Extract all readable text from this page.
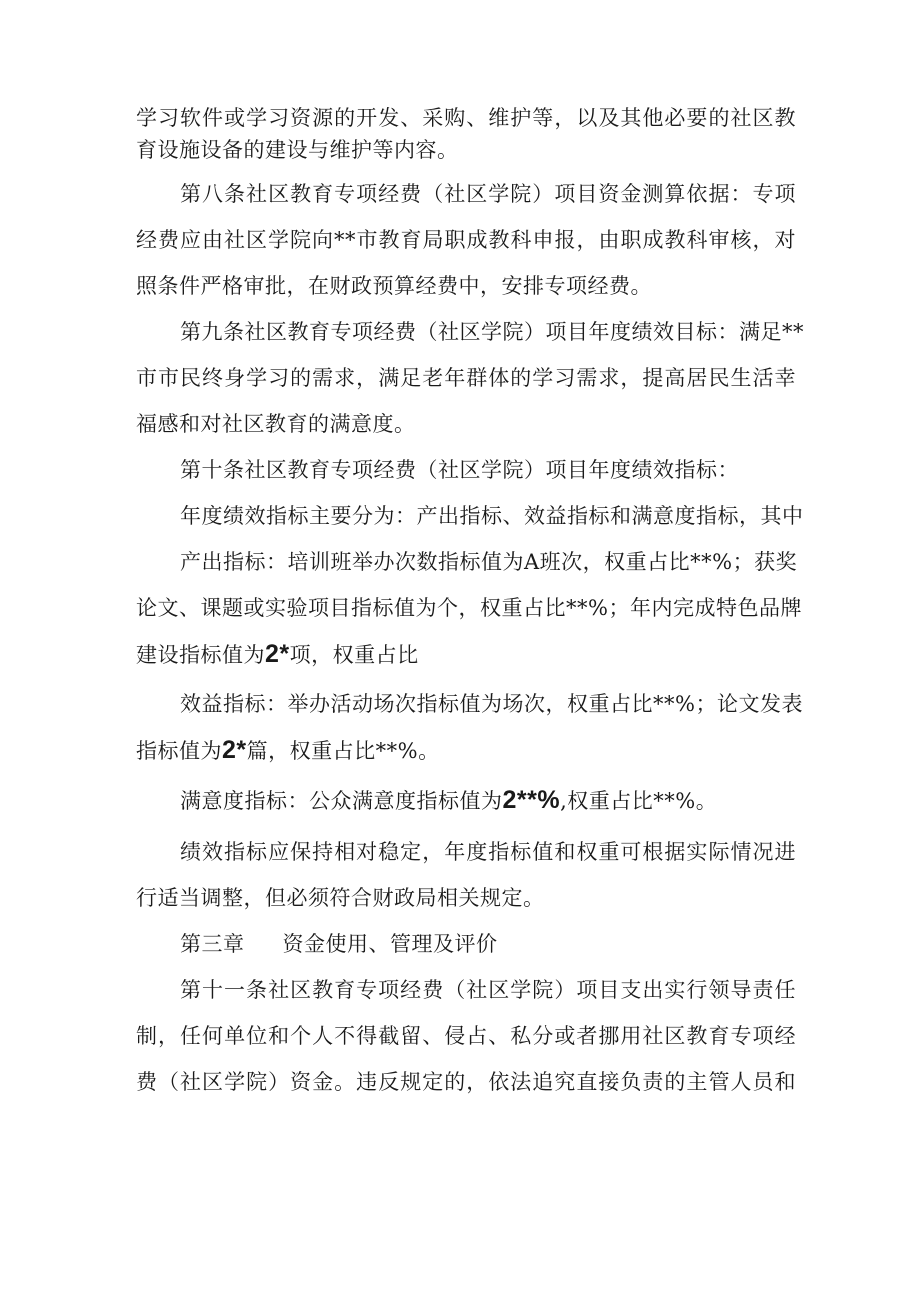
学习软件或学习资源的开发、采购、维护等，以及其他必要的社区教
育设施设备的建设与维护等内容。
第八条社区教育专项经费（社区学院）项目资金测算依据：专项
经费应由社区学院向**市教育局职成教科申报，由职成教科审核，对
照条件严格审批，在财政预算经费中，安排专项经费。
第九条社区教育专项经费（社区学院）项目年度绩效目标：满足**
市市民终身学习的需求，满足老年群体的学习需求，提高居民生活幸
福感和对社区教育的满意度。
第十条社区教育专项经费（社区学院）项目年度绩效指标：
年度绩效指标主要分为：产出指标、效益指标和满意度指标，其中
产出指标：培训班举办次数指标值为A班次，权重占比**%；获奖
论文、课题或实验项目指标值为个，权重占比**%；年内完成特色品牌
建设指标值为2*项，权重占比
效益指标：举办活动场次指标值为场次，权重占比**%；论文发表
指标值为2*篇，权重占比**%。
满意度指标：公众满意度指标值为2**%,权重占比**%。
绩效指标应保持相对稳定，年度指标值和权重可根据实际情况进
行适当调整，但必须符合财政局相关规定。
第三章 资金使用、管理及评价
第十一条社区教育专项经费（社区学院）项目支出实行领导责任
制，任何单位和个人不得截留、侵占、私分或者挪用社区教育专项经
费（社区学院）资金。违反规定的，依法追究直接负责的主管人员和
